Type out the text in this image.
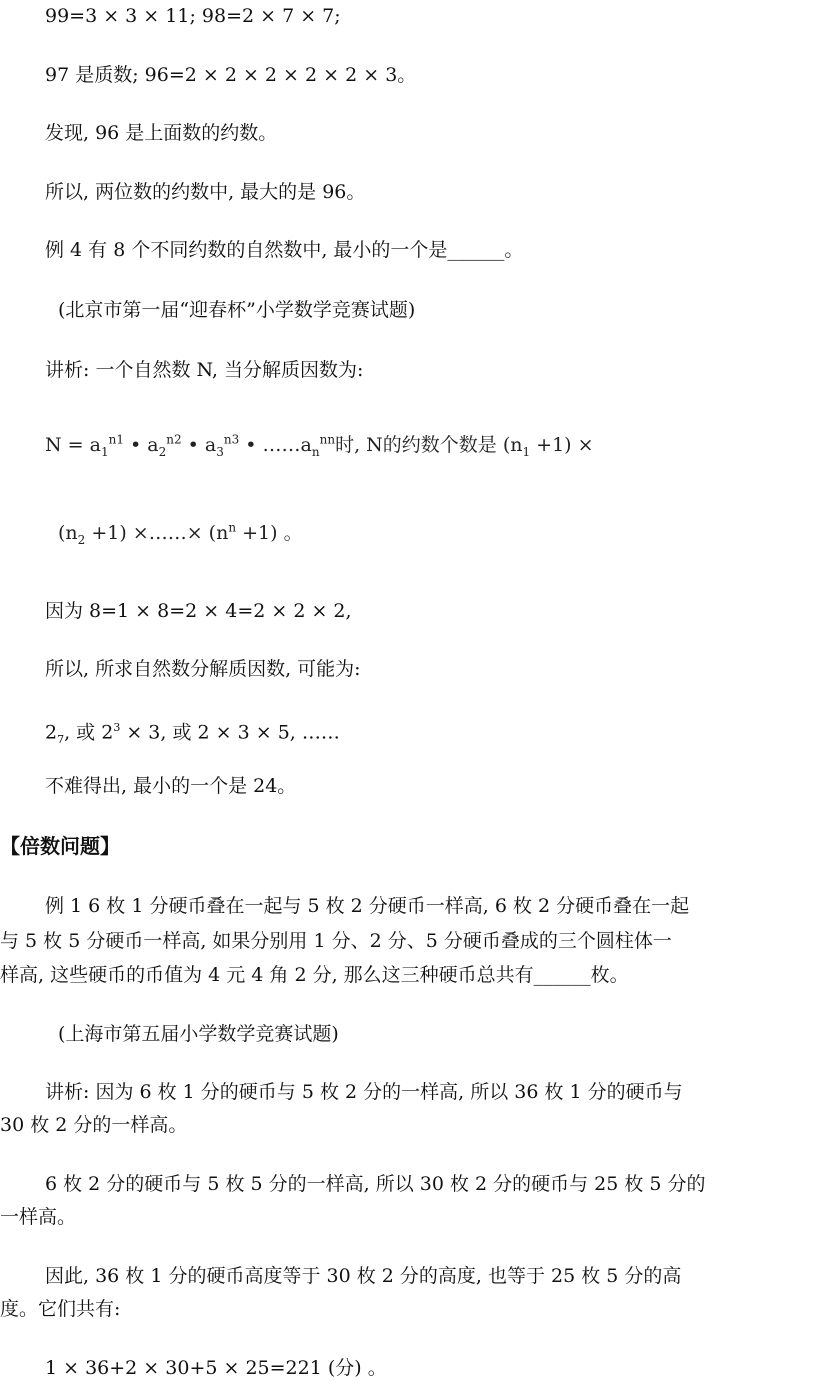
99=3 × 3 × 11; 98=2 × 7 × 7;
97 是质数; 96=2 × 2 × 2 × 2 × 2 × 3。
发现, 96 是上面数的约数。
所以, 两位数的约数中, 最大的是 96。
例 4 有 8 个不同约数的自然数中, 最小的一个是______。
(北京市第一届“迎春杯”小学数学竞赛试题)
讲析: 一个自然数 N, 当分解质因数为:
$N = a_1^{n1}$ • $a_2^{n2}$ • $a_3^{n3}$ • $\dots\dots a_n^{nn}$时, N的约数个数是 $(n_1 +1)$ ×
$(n_2 +1)$ ×……× $(n^n +1)$ 。
因为 8=1 × 8=2 × 4=2 × 2 × 2,
所以, 所求自然数分解质因数, 可能为:
$2_7$, 或 $2^3 \times 3$, 或 2 × 3 × 5, ……
不难得出, 最小的一个是 24。
【倍数问题】
例 1 6 枚 1 分硬币叠在一起与 5 枚 2 分硬币一样高, 6 枚 2 分硬币叠在一起
与 5 枚 5 分硬币一样高, 如果分别用 1 分、2 分、5 分硬币叠成的三个圆柱体一
样高, 这些硬币的币值为 4 元 4 角 2 分, 那么这三种硬币总共有______枚。
(上海市第五届小学数学竞赛试题)
讲析: 因为 6 枚 1 分的硬币与 5 枚 2 分的一样高, 所以 36 枚 1 分的硬币与
30 枚 2 分的一样高。
6 枚 2 分的硬币与 5 枚 5 分的一样高, 所以 30 枚 2 分的硬币与 25 枚 5 分的
一样高。
因此, 36 枚 1 分的硬币高度等于 30 枚 2 分的高度, 也等于 25 枚 5 分的高
度。它们共有:
1 × 36+2 × 30+5 × 25=221 (分) 。
